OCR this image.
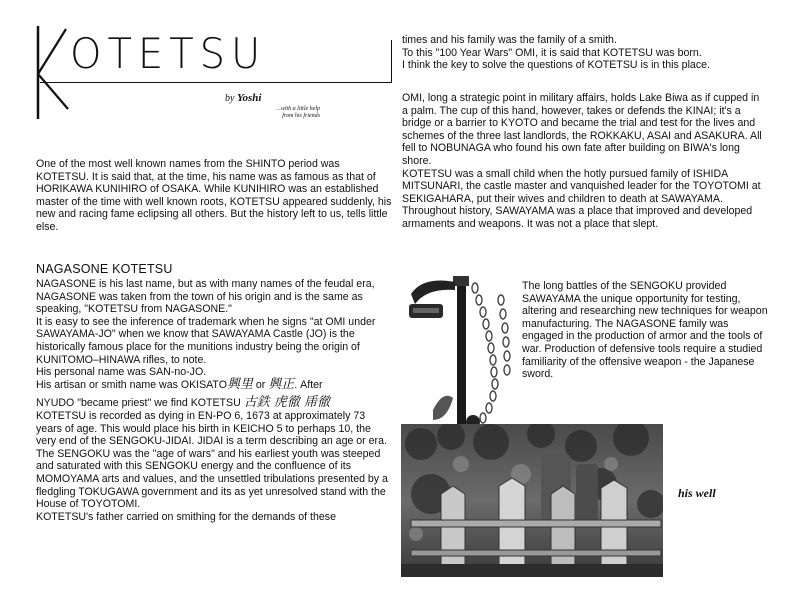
OTETSU
by Yoshi
...with a little help
from his friends
One of the most well known names from the SHINTO period was KOTETSU. It is said that, at the time, his name was as famous as that of HORIKAWA KUNIHIRO of OSAKA. While KUNIHIRO was an established master of the time with well known roots, KOTETSU appeared suddenly, his new and racing fame eclipsing all others. But the history left to us, tells little else.
NAGASONE KOTETSU

NAGASONE is his last name, but as with many names of the feudal era, NAGASONE was taken from the town of his origin and is the same as speaking, "KOTETSU from NAGASONE."

It is easy to see the inference of trademark when he signs "at OMI under SAWAYAMA-JO" when we know that SAWAYAMA Castle (JO) is the historically famous place for the munitions industry being the origin of KUNITOMO–HINAWA rifles, to note.

His personal name was SAN-no-JO.

His artisan or smith name was OKISATO興里 or 興正. After

NYUDO "became priest" we find KOTETSU 古鉄 虎徹 乕徹

KOTETSU is recorded as dying in EN-PO 6, 1673 at approximately 73 years of age. This would place his birth in KEICHO 5 to perhaps 10, the very end of the SENGOKU-JIDAI. JIDAI is a term describing an age or era. The SENGOKU was the "age of wars" and his earliest youth was steeped and saturated with this SENGOKU energy and the confluence of its MOMOYAMA arts and values, and the unsettled tribulations presented by a fledgling TOKUGAWA government and its as yet unresolved stand with the House of TOYOTOMI.

KOTETSU's father carried on smithing for the demands of these

times and his family was the family of a smith.

To this "100 Year Wars" OMI, it is said that KOTETSU was born.

I think the key to solve the questions of KOTETSU is in this place.

OMI, long a strategic point in military affairs, holds Lake Biwa as if cupped in a palm. The cup of this hand, however, takes or defends the KINAI; it's a bridge or a barrier to KYOTO and became the trial and test for the lives and schemes of the three last landlords, the ROKKAKU, ASAI and ASAKURA. All fell to NOBUNAGA who found his own fate after building on BIWA's long shore.

KOTETSU was a small child when the hotly pursued family of ISHIDA MITSUNARI, the castle master and vanquished leader for the TOYOTOMI at SEKIGAHARA, put their wives and children to death at SAWAYAMA.

Throughout history, SAWAYAMA was a place that improved and developed armaments and weapons. It was not a place that slept.

The long battles of the SENGOKU provided SAWAYAMA the unique opportunity for testing, altering and researching new techniques for weapon manufacturing. The NAGASONE family was engaged in the production of armor and the tools of war. Production of defensive tools require a studied familiarity of the offensive weapon - the Japanese sword.
his well
